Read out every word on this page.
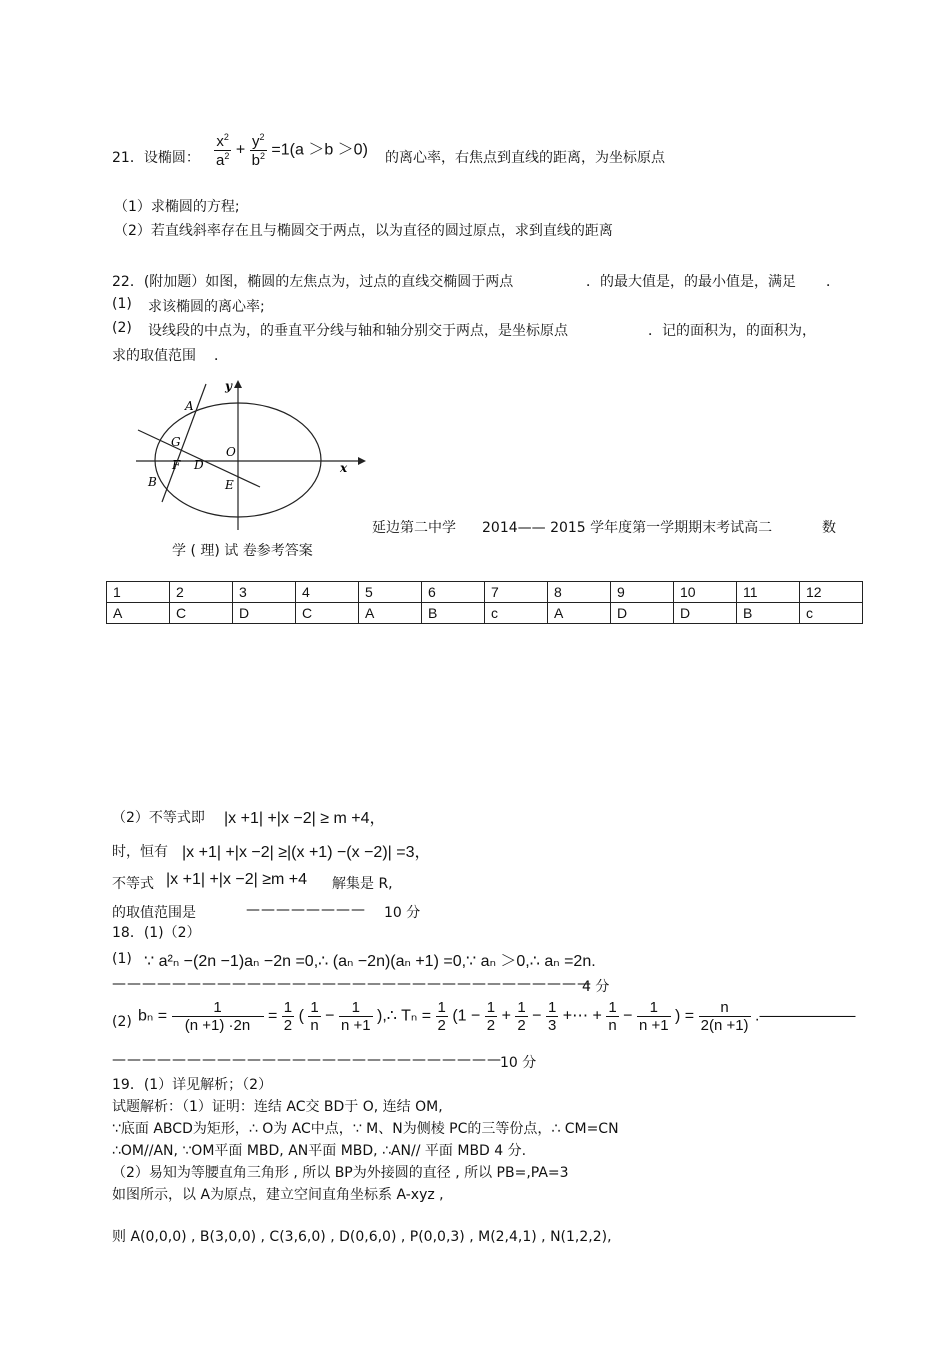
21．设椭圆： $\frac{x^2}{a^2} + \frac{y^2}{b^2} =1(a >b >0)$ 的离心率，右焦点到直线的距离，为坐标原点
（1）求椭圆的方程;
（2）若直线斜率存在且与椭圆交于两点，以为直径的圆过原点，求到直线的距离
22．(附加题）如图，椭圆的左焦点为，过点的直线交椭圆于两点	．的最大值是，的最小值是，满足 ．
(1) 求该椭圆的离心率;
(2) 设线段的中点为，的垂直平分线与轴和轴分别交于两点，是坐标原点	．记的面积为，的面积为，
求的取值范围 ．
y
A
G
O
F D	x
B	E
延边第二中学 2014—— 2015 学年度第一学期期末考试高二	数
学 ( 理) 试 卷参考答案
1	2	3	4	5	6	7	8	9	10	11	12
A	C	D	C	A	B	c	A	D	D	B	c
（2）不等式即 |x +1| +|x −2| ≥ m +4，
时，恒有 |x +1| +|x −2| ≥|(x +1) −(x −2)| =3，
不等式 |x +1| +|x −2| ≥m +4 解集是 R,
的取值范围是	———————— 10 分
18．(1)（2）
(1) ∵ a²ₙ −(2n −1)aₙ −2n =0,∴ (aₙ −2n)(aₙ +1) =0,∵ aₙ ＞0,∴ aₙ =2n.
————————————————————————————————
4 分
(2) $b_n = \frac{1}{(n +1) \cdot 2n} = \frac{1}{2}$ ( $\frac{1}{n} - \frac{1}{n +1}$ ),∴ $T_n = \frac{1}{2} (1 - \frac{1}{2} + \frac{1}{2} - \frac{1}{3}$ +⋯ + $\frac{1}{n} - \frac{1}{n +1}$ ) = $\frac{n}{2(n +1)}$ .——————
——————————————————————————
10 分
19．(1）详见解析；（2）
试题解析：（1）证明：连结 AC交 BD于 O, 连结 OM,
∵底面 ABCD为矩形，∴ O为 AC中点，∵ M、N为侧棱 PC的三等份点，∴ CM=CN
∴OM//AN, ∵OM平面 MBD, AN平面 MBD, ∴AN// 平面 MBD 4 分.
（2）易知为等腰直角三角形 , 所以 BP为外接圆的直径 , 所以 PB=,PA=3
如图所示，以 A为原点，建立空间直角坐标系 A-xyz ,
则 A(0,0,0) , B(3,0,0) , C(3,6,0) , D(0,6,0) , P(0,0,3) , M(2,4,1) , N(1,2,2),
